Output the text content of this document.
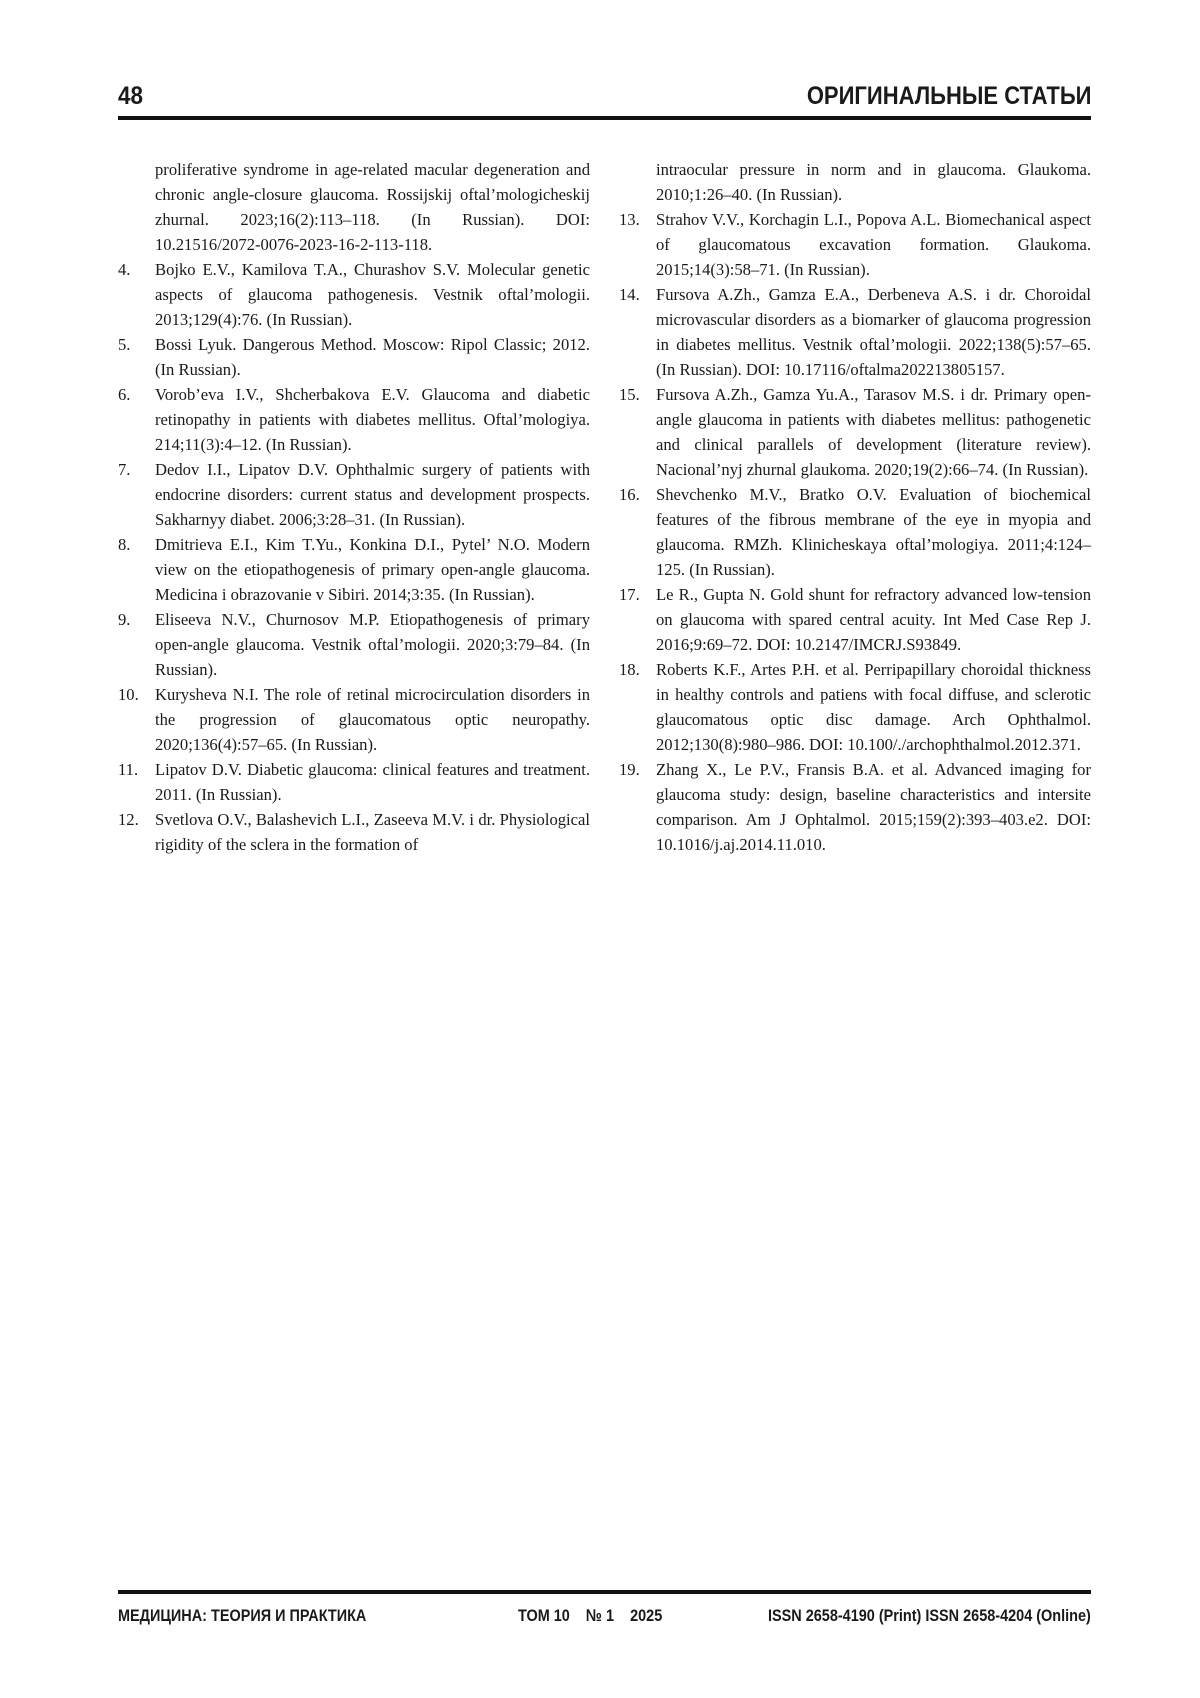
48	ОРИГИНАЛЬНЫЕ СТАТЬИ
proliferative syndrome in age-related macular degeneration and chronic angle-closure glaucoma. Rossijskij oftal’mologicheskij zhurnal. 2023;16(2):113–118. (In Russian). DOI: 10.21516/2072-0076-2023-16-2-113-118.
4. Bojko E.V., Kamilova T.A., Churashov S.V. Molecular genetic aspects of glaucoma pathogenesis. Vestnik oftal’mologii. 2013;129(4):76. (In Russian).
5. Bossi Lyuk. Dangerous Method. Moscow: Ripol Classic; 2012. (In Russian).
6. Vorob’eva I.V., Shcherbakova E.V. Glaucoma and diabetic retinopathy in patients with diabetes mellitus. Oftal’mologiya. 214;11(3):4–12. (In Russian).
7. Dedov I.I., Lipatov D.V. Ophthalmic surgery of patients with endocrine disorders: current status and development prospects. Sakharnyy diabet. 2006;3:28–31. (In Russian).
8. Dmitrieva E.I., Kim T.Yu., Konkina D.I., Pytel’ N.O. Modern view on the etiopathogenesis of primary open-angle glaucoma. Medicina i obrazovanie v Sibiri. 2014;3:35. (In Russian).
9. Eliseeva N.V., Churnosov M.P. Etiopathogenesis of primary open-angle glaucoma. Vestnik oftal’mologii. 2020;3:79–84. (In Russian).
10. Kurysheva N.I. The role of retinal microcirculation disorders in the progression of glaucomatous optic neuropathy. 2020;136(4):57–65. (In Russian).
11. Lipatov D.V. Diabetic glaucoma: clinical features and treatment. 2011. (In Russian).
12. Svetlova O.V., Balashevich L.I., Zaseeva M.V. i dr. Physiological rigidity of the sclera in the formation of
intraocular pressure in norm and in glaucoma. Glaukoma. 2010;1:26–40. (In Russian).
13. Strahov V.V., Korchagin L.I., Popova A.L. Biomechanical aspect of glaucomatous excavation formation. Glaukoma. 2015;14(3):58–71. (In Russian).
14. Fursova A.Zh., Gamza E.A., Derbeneva A.S. i dr. Choroidal microvascular disorders as a biomarker of glaucoma progression in diabetes mellitus. Vestnik oftal’mologii. 2022;138(5):57–65. (In Russian). DOI: 10.17116/oftalma202213805157.
15. Fursova A.Zh., Gamza Yu.A., Tarasov M.S. i dr. Primary open-angle glaucoma in patients with diabetes mellitus: pathogenetic and clinical parallels of development (literature review). Nacional’nyj zhurnal glaukoma. 2020;19(2):66–74. (In Russian).
16. Shevchenko M.V., Bratko O.V. Evaluation of biochemical features of the fibrous membrane of the eye in myopia and glaucoma. RMZh. Klinicheskaya oftal’mologiya. 2011;4:124–125. (In Russian).
17. Le R., Gupta N. Gold shunt for refractory advanced low-tension on glaucoma with spared central acuity. Int Med Case Rep J. 2016;9:69–72. DOI: 10.2147/IMCRJ.S93849.
18. Roberts K.F., Artes P.H. et al. Perripapillary choroidal thickness in healthy controls and patiens with focal diffuse, and sclerotic glaucomatous optic disc damage. Arch Ophthalmol. 2012;130(8):980–986. DOI: 10.100/./archophthalmol.2012.371.
19. Zhang X., Le P.V., Fransis B.A. et al. Advanced imaging for glaucoma study: design, baseline characteristics and intersite comparison. Am J Ophtalmol. 2015;159(2):393–403.e2. DOI: 10.1016/j.aj.2014.11.010.
МЕДИЦИНА: ТЕОРИЯ И ПРАКТИКА	ТОМ 10    № 1    2025	ISSN 2658-4190 (Print) ISSN 2658-4204 (Online)
